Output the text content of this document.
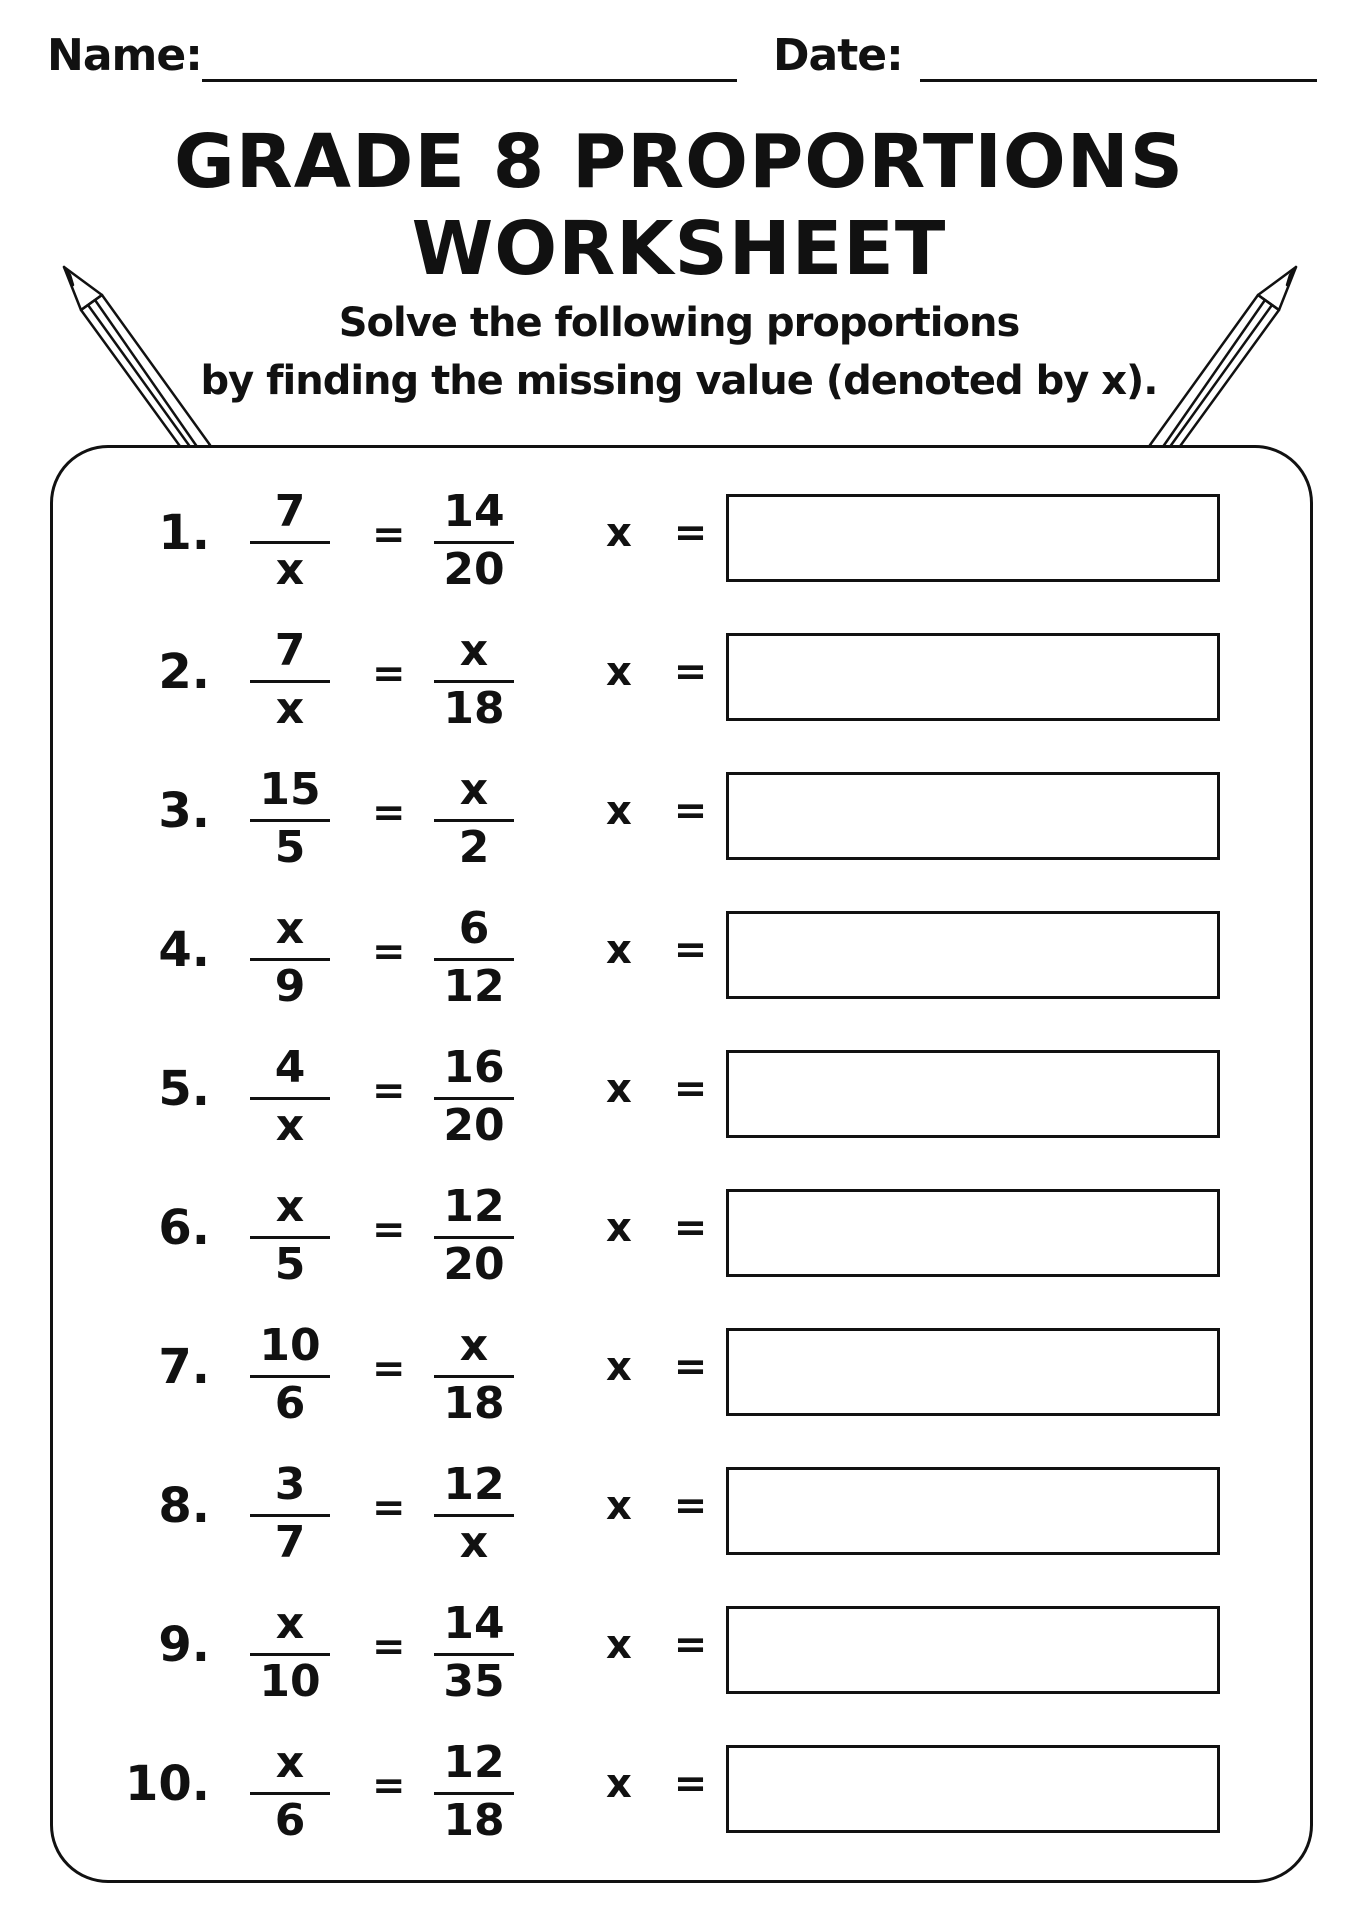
Name:	Date:
GRADE 8 PROPORTIONS
WORKSHEET
Solve the following proportions
by finding the missing value (denoted by x).
1.	7
x
= 14
20
x =
2.	7
x
=	x
18
x =
3. 15
5
=	x
2
x =
4.	x
9
=	6
12
x =
5.	4
x
= 16
20
x =
6.	x
5
= 12
20
x =
7. 10
6
=	x
18
x =
8.	3
7
= 12
x
x =
9.	x
10
= 14
35
x =
10.	x
6
= 12
18
x =
